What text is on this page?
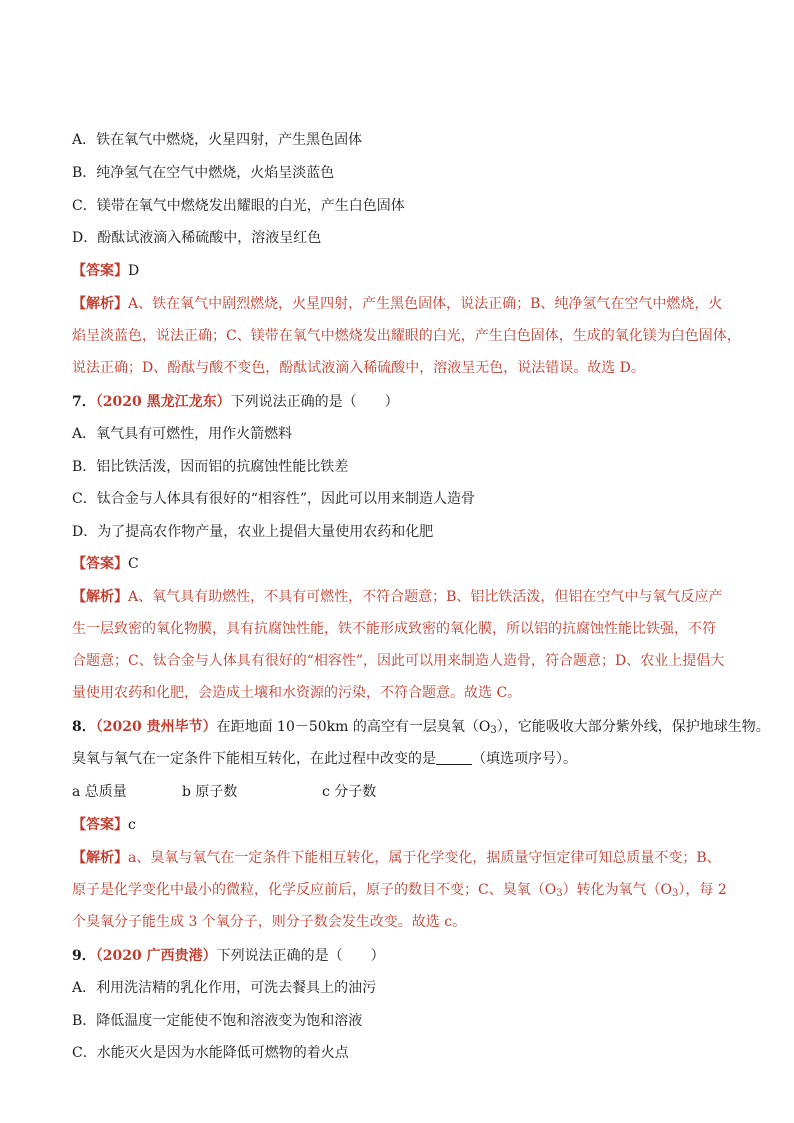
A．铁在氧气中燃烧，火星四射，产生黑色固体
B．纯净氢气在空气中燃烧，火焰呈淡蓝色
C．镁带在氧气中燃烧发出耀眼的白光，产生白色固体
D．酚酞试液滴入稀硫酸中，溶液呈红色
【答案】D
【解析】A、铁在氧气中剧烈燃烧，火星四射，产生黑色固体，说法正确；B、纯净氢气在空气中燃烧，火
焰呈淡蓝色，说法正确；C、镁带在氧气中燃烧发出耀眼的白光，产生白色固体，生成的氧化镁为白色固体，
说法正确；D、酚酞与酸不变色，酚酞试液滴入稀硫酸中，溶液呈无色，说法错误。故选 D。
7．（2020 黑龙江龙东）下列说法正确的是（　　）
A．氧气具有可燃性，用作火箭燃料
B．铝比铁活泼，因而铝的抗腐蚀性能比铁差
C．钛合金与人体具有很好的“相容性”，因此可以用来制造人造骨
D．为了提高农作物产量，农业上提倡大量使用农药和化肥
【答案】C
【解析】A、氧气具有助燃性，不具有可燃性，不符合题意；B、铝比铁活泼，但铝在空气中与氧气反应产
生一层致密的氧化物膜，具有抗腐蚀性能，铁不能形成致密的氧化膜，所以铝的抗腐蚀性能比铁强，不符
合题意；C、钛合金与人体具有很好的“相容性”，因此可以用来制造人造骨，符合题意；D、农业上提倡大
量使用农药和化肥，会造成土壤和水资源的污染，不符合题意。故选 C。
8．（2020 贵州毕节）在距地面 10－50km 的高空有一层臭氧$(O_3)$，它能吸收大部分紫外线，保护地球生物。
臭氧与氧气在一定条件下能相互转化，在此过程中改变的是	（填选项序号）。
a 总质量	b 原子数	c 分子数
【答案】c
【解析】a、臭氧与氧气在一定条件下能相互转化，属于化学变化，据质量守恒定律可知总质量不变；B、
原子是化学变化中最小的微粒，化学反应前后，原子的数目不变；C、臭氧$(O_3)$转化为氧气$(O_3)$，每 2
个臭氧分子能生成 3 个氧分子，则分子数会发生改变。故选 c。
9．（2020 广西贵港）下列说法正确的是（　　）
A．利用洗洁精的乳化作用，可洗去餐具上的油污
B．降低温度一定能使不饱和溶液变为饱和溶液
C．水能灭火是因为水能降低可燃物的着火点
